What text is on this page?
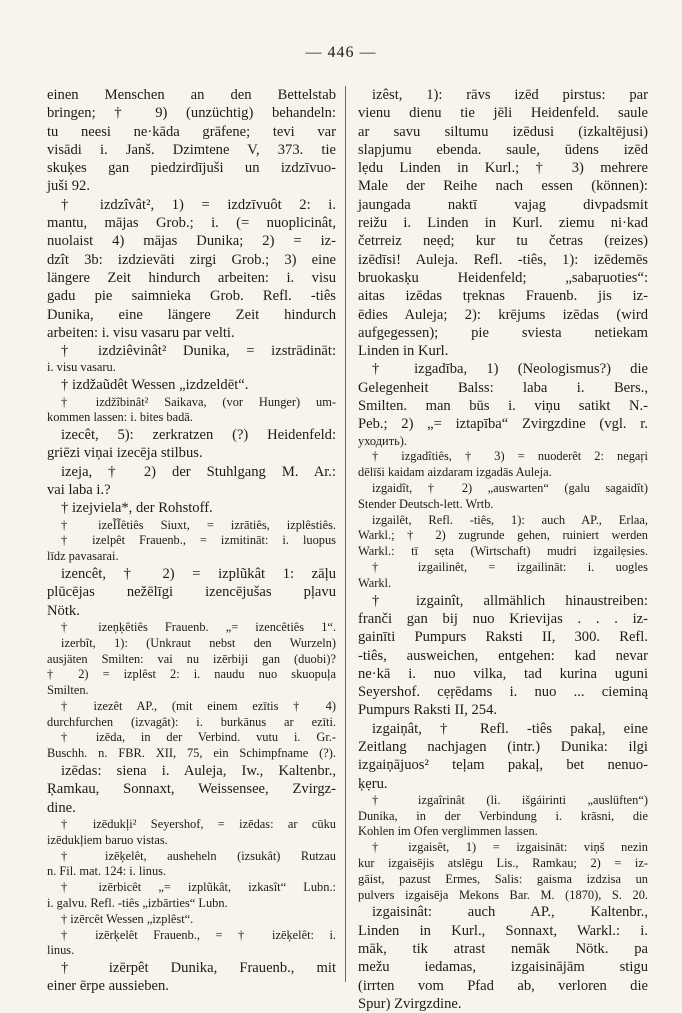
— 446 —
einen Menschen an den Bettelstab
bringen; † 9) (unzüchtig) behandeln:
tu neesi ne·kāda grāfene; tevi var
visādi i. Janš. Dzimtene V, 373. tie
skuķes gan piedzirdījuši un izdzīvuo-
juši 92.
† izdzîvât², 1) = izdzīvuôt 2: i.
mantu, mājas Grob.; i. (= nuoplicinât,
nuolaist 4) mājas Dunika; 2) = iz-
dzît 3b: izdzievāti zirgi Grob.; 3) eine
längere Zeit hindurch arbeiten: i. visu
gadu pie saimnieka Grob. Refl. -tiês
Dunika, eine längere Zeit hindurch
arbeiten: i. visu vasaru par velti.
† izdziêvinât² Dunika, = izstrādināt:
i. visu vasaru.
† izdžaũdêt Wessen „izdzeldēt“.
† izdžîbinât² Saikava, (vor Hunger) um-
kommen lassen: i. bites badā.
izecêt, 5): zerkratzen (?) Heidenfeld:
griēzi viņai izecēja stilbus.
izeja, † 2) der Stuhlgang M. Ar.:
vai laba i.?
† izejviela*, der Rohstoff.
† izeĨĨêtiês Siuxt, = izrātiês, izplêstiês.
† izelpêt Frauenb., = izmitināt: i. luopus
līdz pavasarai.
izencêt, † 2) = izplũkât 1: zāļu
plūcējas nežēlīgi izencējušas pļavu
Nötk.
† izeņķêtiês Frauenb. „= izencêtiês 1“.
izerbît, 1): (Unkraut nebst den Wurzeln)
ausjäten Smilten: vai nu izērbiji gan (duobi)?
† 2) = izplêst 2: i. naudu nuo skuopuļa
Smilten.
† izezêt AP., (mit einem ezītis † 4)
durchfurchen (izvagât): i. burkānus ar ezīti.
† izēda, in der Verbind. vutu i. Gr.-
Buschh. n. FBR. XII, 75, ein Schimpfname (?).
izēdas: siena i. Auleja, Iw., Kaltenbr.,
Ŗamkau, Sonnaxt, Weissensee, Zvirgz-
dine.
† izēdukļi² Seyershof, = izēdas: ar cūku
izēdukļiem baruo vistas.
† izēķelêt, ausheheln (izsukât) Rutzau
n. Fil. mat. 124: i. linus.
† izērbicêt „= izplũkât, izkasît“ Lubn.:
i. galvu. Refl. -tiês „izbārties“ Lubn.
† izērcêt Wessen „izplêst“.
† izērķelêt Frauenb., = † izēķelêt: i.
linus.
† izērpêt Dunika, Frauenb., mit
einer ērpe aussieben.
izêst, 1): rāvs izēd pirstus: par
vienu dienu tie jēli Heidenfeld. saule
ar savu siltumu izēdusi (izkaltējusi)
slapjumu ebenda. saule, ūdens izēd
lẹdu Linden in Kurl.; † 3) mehrere
Male der Reihe nach essen (können):
jaungada naktī vajag divpadsmit
reižu i. Linden in Kurl. ziemu ni·kad
četrreiz neẹd; kur tu četras (reizes)
izēdīsi! Auleja. Refl. -tiês, 1): izēdemēs
bruokasķu Heidenfeld; „sabaŗuoties“:
aitas izēdas tŗeknas Frauenb. jis iz-
ēdies Auleja; 2): krējums izēdas (wird
aufgegessen); pie sviesta netiekam
Linden in Kurl.
† izgadība, 1) (Neologismus?) die
Gelegenheit Balss: laba i. Bers.,
Smilten. man būs i. viņu satikt N.-
Peb.; 2) „= iztapība“ Zvirgzdine (vgl. r.
уходить).
† izgadîtiês, † 3) = nuoderêt 2: negaŗi
dēlīši kaidam aizdaram izgadās Auleja.
izgaidît, † 2) „auswarten“ (galu sagaidît)
Stender Deutsch-lett. Wrtb.
izgailêt, Refl. -tiês, 1): auch AP., Erlaa,
Warkl.; † 2) zugrunde gehen, ruiniert werden
Warkl.: tī sẹta (Wirtschaft) mudri izgailẹsies.
† izgailinêt, = izgailināt: i. uogles
Warkl.
† izgainît, allmählich hinaustreiben:
franči gan bij nuo Krievijas . . . iz-
gainīti Pumpurs Raksti II, 300. Refl.
-tiês, ausweichen, entgehen: kad nevar
ne·kā i. nuo vilka, tad kurina uguni
Seyershof. cẹŗēdams i. nuo ... cieminą
Pumpurs Raksti II, 254.
izgaiņât, † Refl. -tiês pakaļ, eine
Zeitlang nachjagen (intr.) Dunika: ilgi
izgaiņājuos² teļam pakaļ, bet nenuo-
ķẹru.
† izgaîrinât (li. išgáirinti „auslüften“)
Dunika, in der Verbindung i. krāsni, die
Kohlen im Ofen verglimmen lassen.
† izgaisêt, 1) = izgaisināt: viņš nezin
kur izgaisējis atslēgu Lis., Ramkau; 2) = iz-
gāist, pazust Ermes, Salis: gaisma izdzisa un
pulvers izgaisēja Mekons Bar. M. (1870), S. 20.
izgaisinât: auch AP., Kaltenbr.,
Linden in Kurl., Sonnaxt, Warkl.: i.
māk, tik atrast nemāk Nötk. pa
mežu iedamas, izgaisinājām stigu
(irrten vom Pfad ab, verloren die
Spur) Zvirgzdine.
